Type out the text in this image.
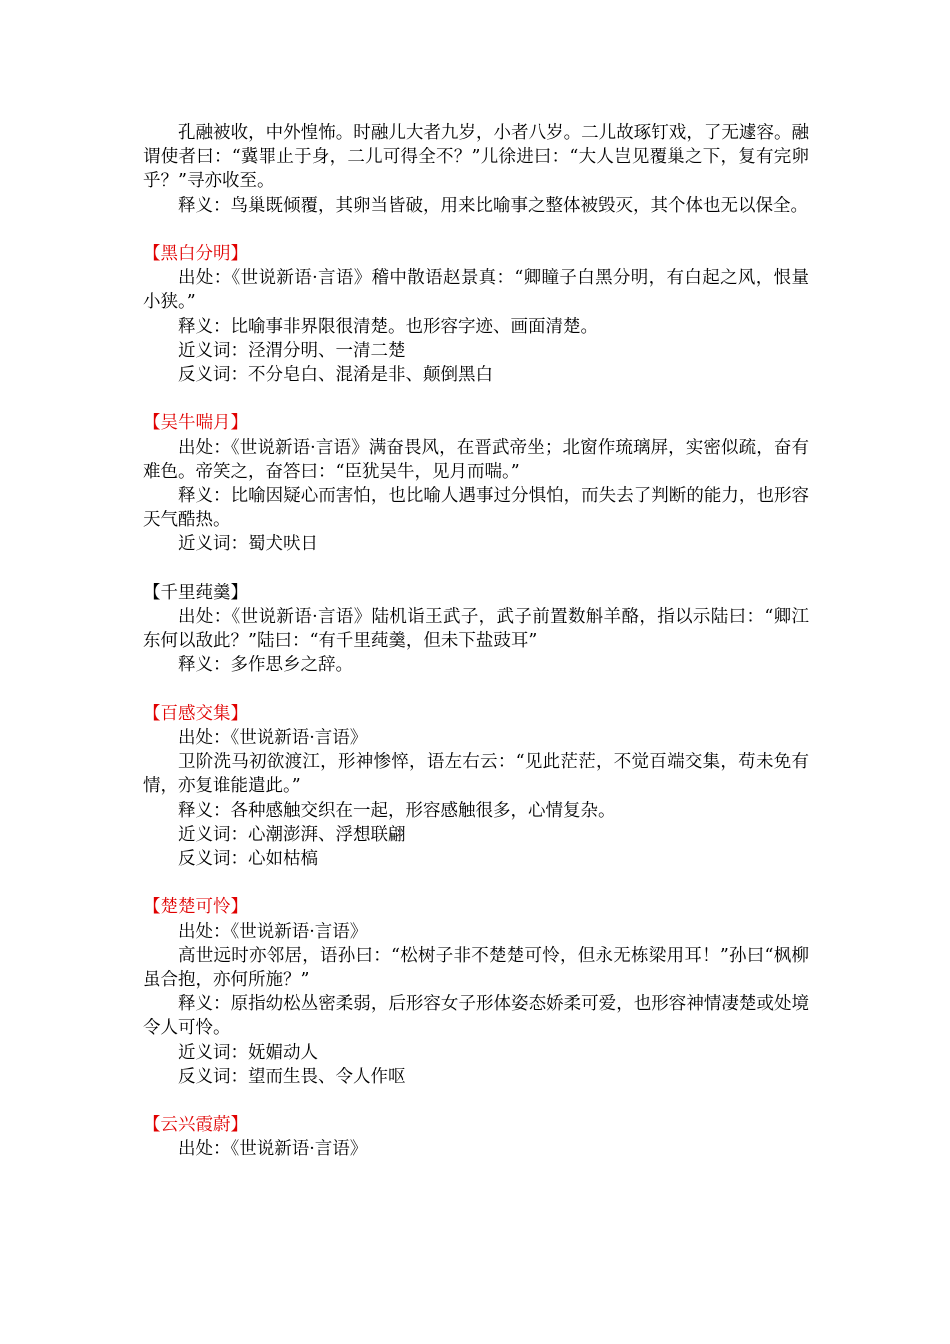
孔融被收，中外惶怖。时融儿大者九岁，小者八岁。二儿故琢钉戏，了无遽容。融谓使者曰：“冀罪止于身，二儿可得全不？”儿徐进曰：“大人岂见覆巢之下，复有完卵乎？”寻亦收至。

释义：鸟巢既倾覆，其卵当皆破，用来比喻事之整体被毁灭，其个体也无以保全。

【黑白分明】

出处：《世说新语·言语》稽中散语赵景真：“卿瞳子白黑分明，有白起之风，恨量小狭。”

释义：比喻事非界限很清楚。也形容字迹、画面清楚。

近义词：泾渭分明、一清二楚

反义词：不分皂白、混淆是非、颠倒黑白

【吴牛喘月】

出处：《世说新语·言语》满奋畏风，在晋武帝坐；北窗作琉璃屏，实密似疏，奋有难色。帝笑之，奋答曰：“臣犹吴牛，见月而喘。”

释义：比喻因疑心而害怕，也比喻人遇事过分惧怕，而失去了判断的能力，也形容天气酷热。

近义词：蜀犬吠日

【千里莼羹】

出处：《世说新语·言语》陆机诣王武子，武子前置数斛羊酪，指以示陆曰：“卿江东何以敌此？”陆曰：“有千里莼羹，但未下盐豉耳”

释义：多作思乡之辞。

【百感交集】

出处：《世说新语·言语》

卫阶洗马初欲渡江，形神惨悴，语左右云：“见此茫茫，不觉百端交集，苟未免有情，亦复谁能遣此。”

释义：各种感触交织在一起，形容感触很多，心情复杂。

近义词：心潮澎湃、浮想联翩

反义词：心如枯槁

【楚楚可怜】

出处：《世说新语·言语》

高世远时亦邻居，语孙曰：“松树子非不楚楚可怜，但永无栋梁用耳！”孙曰“枫柳虽合抱，亦何所施？”

释义：原指幼松丛密柔弱，后形容女子形体姿态娇柔可爱，也形容神情凄楚或处境令人可怜。

近义词：妩媚动人

反义词：望而生畏、令人作呕

【云兴霞蔚】

出处：《世说新语·言语》
